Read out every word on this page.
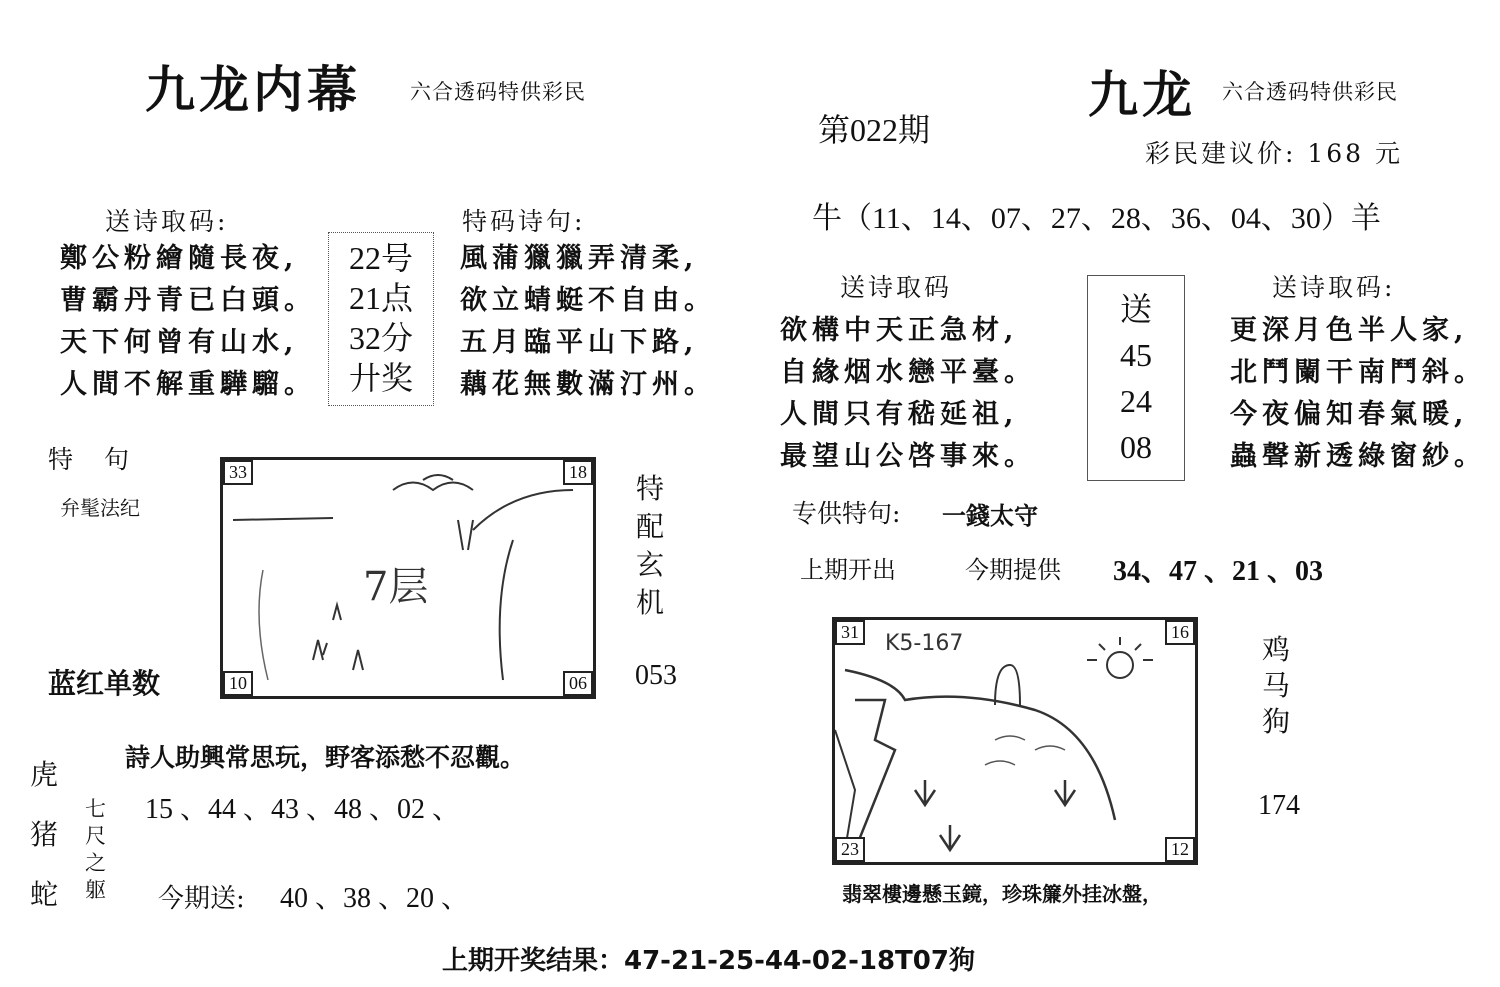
九龙内幕 六合透码特供彩民
送诗取码:
鄭公粉繪隨長夜,
曹霸丹青已白頭。
天下何曾有山水,
人間不解重驊騮。
22号
21点
32分
廾奖
特码诗句:
風蒲獵獵弄清柔,
欲立蜻蜓不自由。
五月臨平山下路,
藕花無數滿汀州。
特　句
弁髦法纪
7层
33	18
10	06
特
配
玄
机
蓝红单数	053
虎
猪
蛇
詩人助興常思玩，野客添愁不忍觀。
15 、44 、43 、48 、02 、
七
尺
之
躯 今期送: 40 、38 、20 、
第022期
九龙 六合透码特供彩民
彩民建议价: 168 元
牛（11、14、07、27、28、36、04、30）羊
送诗取码
欲構中天正急材,
自緣烟水戀平臺。
人間只有嵇延祖,
最望山公啓事來。
送
45
24
08
送诗取码:
更深月色半人家,
北鬥闌干南鬥斜。
今夜偏知春氣暖,
蟲聲新透綠窗紗。
专供特句: 一錢太守
上期开出	今期提供 34、47 、21 、03
K5-167
31	16
23	12
鸡
马
狗
174
翡翠樓邊懸玉鏡，珍珠簾外挂冰盤，
上期开奖结果：47-21-25-44-02-18T07狗
